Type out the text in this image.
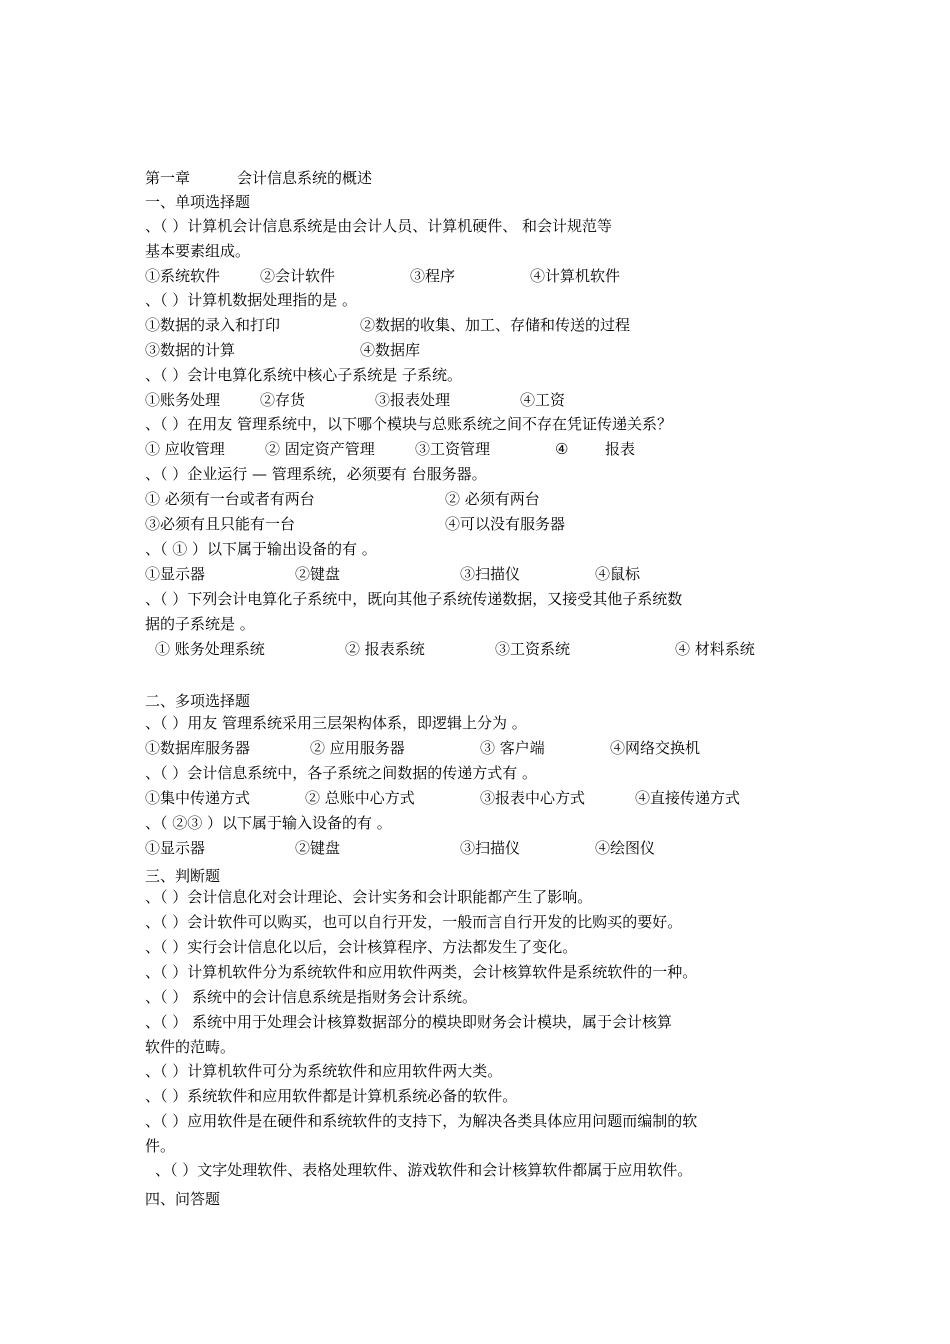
第一章	会计信息系统的概述
一、单项选择题
、（ ）计算机会计信息系统是由会计人员、计算机硬件、 和会计规范等
基本要素组成。
①系统软件	②会计软件	③程序	④计算机软件
、（ ）计算机数据处理指的是 。
①数据的录入和打印	②数据的收集、加工、存储和传送的过程
③数据的计算	④数据库
、（ ）会计电算化系统中核心子系统是 子系统。
①账务处理	②存货	③报表处理	④工资
、（ ）在用友 管理系统中，以下哪个模块与总账系统之间不存在凭证传递关系？
① 应收管理	② 固定资产管理	③工资管理	④ 报表
、（ ）企业运行 — 管理系统，必须要有 台服务器。
① 必须有一台或者有两台	② 必须有两台
③必须有且只能有一台	④可以没有服务器
、（ ① ）以下属于输出设备的有 。
①显示器	②键盘	③扫描仪	④鼠标
、（ ）下列会计电算化子系统中，既向其他子系统传递数据，又接受其他子系统数
据的子系统是 。
① 账务处理系统	② 报表系统	③工资系统	④ 材料系统
二、多项选择题
、（ ）用友 管理系统采用三层架构体系，即逻辑上分为 。
①数据库服务器	② 应用服务器	③ 客户端	④网络交换机
、（ ）会计信息系统中，各子系统之间数据的传递方式有 。
①集中传递方式	② 总账中心方式	③报表中心方式	④直接传递方式
、（ ②③ ）以下属于输入设备的有 。
①显示器	②键盘	③扫描仪	④绘图仪
三、判断题
、（ ）会计信息化对会计理论、会计实务和会计职能都产生了影响。
、（ ）会计软件可以购买，也可以自行开发，一般而言自行开发的比购买的要好。
、（ ）实行会计信息化以后，会计核算程序、方法都发生了变化。
、（ ）计算机软件分为系统软件和应用软件两类，会计核算软件是系统软件的一种。
、（ ） 系统中的会计信息系统是指财务会计系统。
、（ ） 系统中用于处理会计核算数据部分的模块即财务会计模块，属于会计核算
软件的范畴。
、（ ）计算机软件可分为系统软件和应用软件两大类。
、（ ）系统软件和应用软件都是计算机系统必备的软件。
、（ ）应用软件是在硬件和系统软件的支持下，为解决各类具体应用问题而编制的软
件。
、（ ）文字处理软件、表格处理软件、游戏软件和会计核算软件都属于应用软件。
四、问答题
